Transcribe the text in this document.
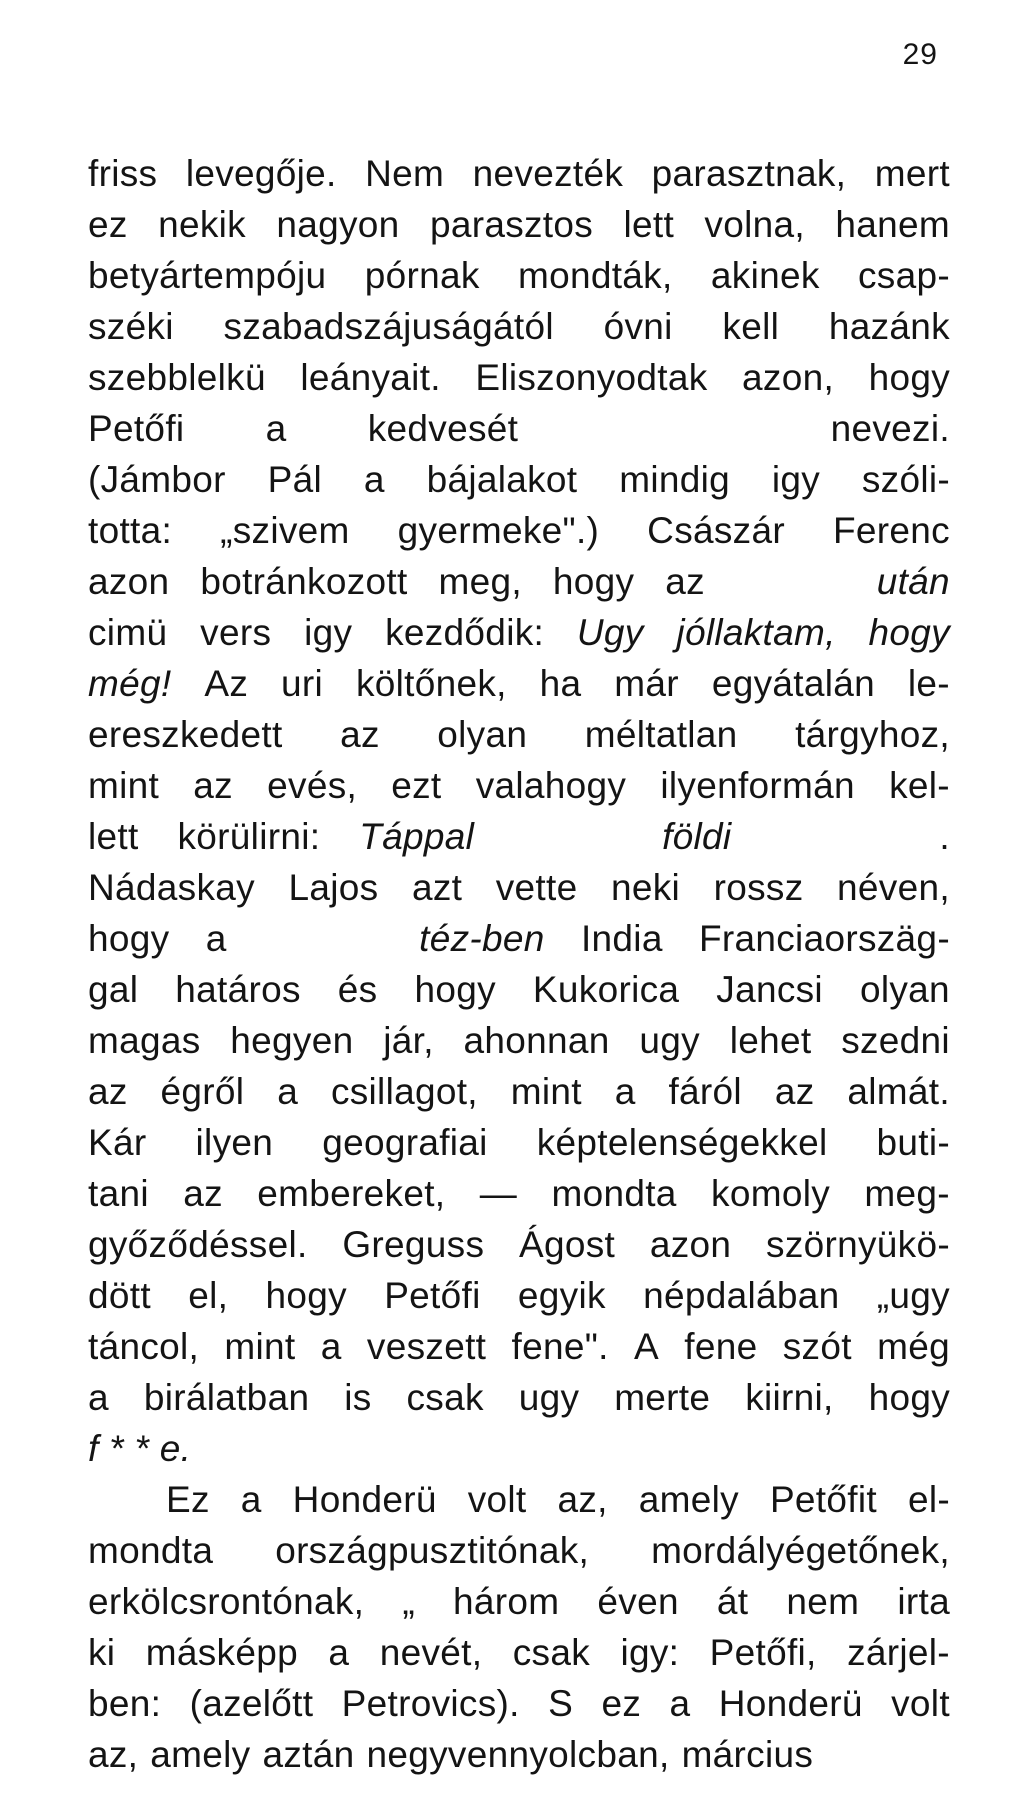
29
friss levegője. Nem nevezték parasztnak, mert
ez nekik nagyon parasztos lett volna, hanem
betyártempóju pórnak mondták, akinek csap-
széki szabadszájuságától óvni kell hazánk
szebblelkü leányait. Eliszonyodtak azon, hogy
Petőfi a kedvesét	nevezi.
(Jámbor Pál a bájalakot mindig igy szóli-
totta: „szivem gyermeke".) Császár Ferenc
azon botránkozott meg, hogy az	után
cimü vers igy kezdődik: Ugy jóllaktam, hogy
még! Az uri költőnek, ha már egyátalán le-
ereszkedett az olyan méltatlan tárgyhoz,
mint az evés, ezt valahogy ilyenformán kel-
lett körülirni: Táppal	földi	.
Nádaskay Lajos azt vette neki rossz néven,
hogy a	téz-ben India Franciaorszäg-
gal határos és hogy Kukorica Jancsi olyan
magas hegyen jár, ahonnan ugy lehet szedni
az égről a csillagot, mint a fáról az almát.
Kár ilyen geografiai képtelenségekkel buti-
tani az embereket, — mondta komoly meg-
győződéssel. Greguss Ágost azon szörnyükö-
dött el, hogy Petőfi egyik népdalában „ugy
táncol, mint a veszett fene". A fene szót még
a birálatban is csak ugy merte kiirni, hogy
f * * e.
Ez a Honderü volt az, amely Petőfit el-
mondta országpusztitónak, mordályégetőnek,
erkölcsrontónak, „ három éven át nem irta
ki másképp a nevét, csak igy: Petőfi, zárjel-
ben: (azelőtt Petrovics). S ez a Honderü volt
az, amely aztán negyvennyolcban, március
